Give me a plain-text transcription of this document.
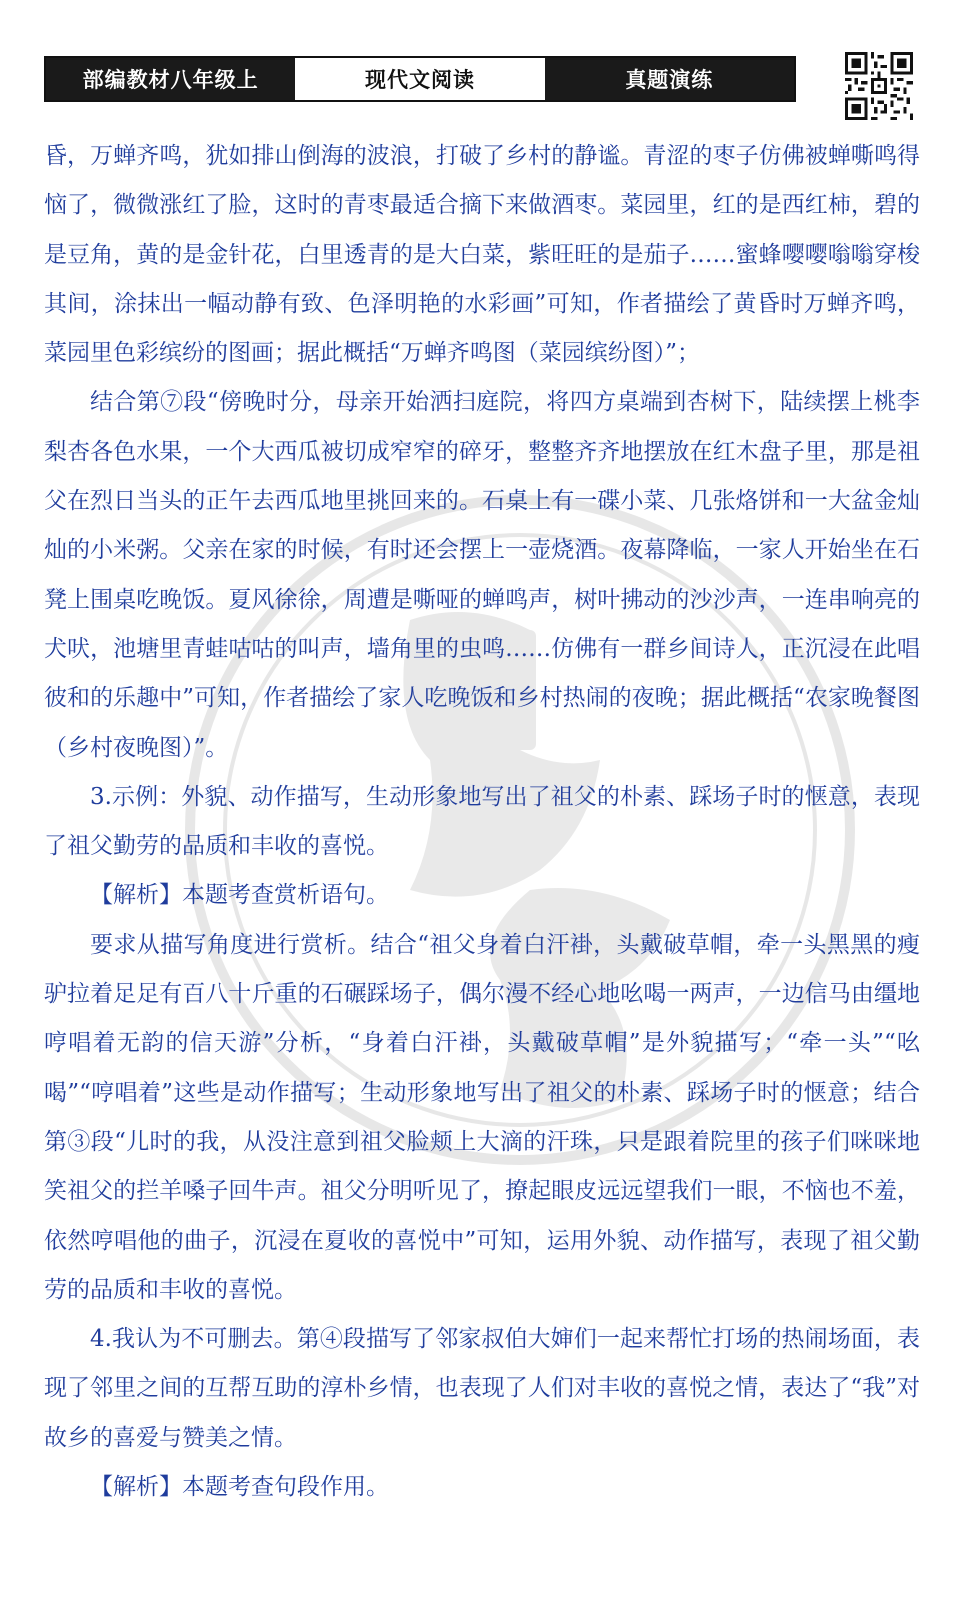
部编教材八年级上	现代文阅读	真题演练

昏，万蝉齐鸣，犹如排山倒海的波浪，打破了乡村的静谧。青涩的枣子仿佛被蝉嘶鸣得恼了，微微涨红了脸，这时的青枣最适合摘下来做酒枣。菜园里，红的是西红柿，碧的是豆角，黄的是金针花，白里透青的是大白菜，紫旺旺的是茄子……蜜蜂嘤嘤嗡嗡穿梭其间，涂抹出一幅动静有致、色泽明艳的水彩画”可知，作者描绘了黄昏时万蝉齐鸣，菜园里色彩缤纷的图画；据此概括“万蝉齐鸣图（菜园缤纷图）”；

结合第⑦段“傍晚时分，母亲开始洒扫庭院，将四方桌端到杏树下，陆续摆上桃李梨杏各色水果，一个大西瓜被切成窄窄的碎牙，整整齐齐地摆放在红木盘子里，那是祖父在烈日当头的正午去西瓜地里挑回来的。石桌上有一碟小菜、几张烙饼和一大盆金灿灿的小米粥。父亲在家的时候，有时还会摆上一壶烧酒。夜幕降临，一家人开始坐在石凳上围桌吃晚饭。夏风徐徐，周遭是嘶哑的蝉鸣声，树叶拂动的沙沙声，一连串响亮的犬吠，池塘里青蛙咕咕的叫声，墙角里的虫鸣……仿佛有一群乡间诗人，正沉浸在此唱彼和的乐趣中”可知，作者描绘了家人吃晚饭和乡村热闹的夜晚；据此概括“农家晚餐图（乡村夜晚图）”。

3.示例：外貌、动作描写，生动形象地写出了祖父的朴素、踩场子时的惬意，表现了祖父勤劳的品质和丰收的喜悦。

【解析】本题考查赏析语句。

要求从描写角度进行赏析。结合“祖父身着白汗褂，头戴破草帽，牵一头黑黑的瘦驴拉着足足有百八十斤重的石碾踩场子，偶尔漫不经心地吆喝一两声，一边信马由缰地哼唱着无韵的信天游”分析，“身着白汗褂，头戴破草帽”是外貌描写；“牵一头”“吆喝”“哼唱着”这些是动作描写；生动形象地写出了祖父的朴素、踩场子时的惬意；结合第③段“儿时的我，从没注意到祖父脸颊上大滴的汗珠，只是跟着院里的孩子们咪咪地笑祖父的拦羊嗓子回牛声。祖父分明听见了，撩起眼皮远远望我们一眼，不恼也不羞，依然哼唱他的曲子，沉浸在夏收的喜悦中”可知，运用外貌、动作描写，表现了祖父勤劳的品质和丰收的喜悦。

4.我认为不可删去。第④段描写了邻家叔伯大婶们一起来帮忙打场的热闹场面，表现了邻里之间的互帮互助的淳朴乡情，也表现了人们对丰收的喜悦之情，表达了“我”对故乡的喜爱与赞美之情。

【解析】本题考查句段作用。
